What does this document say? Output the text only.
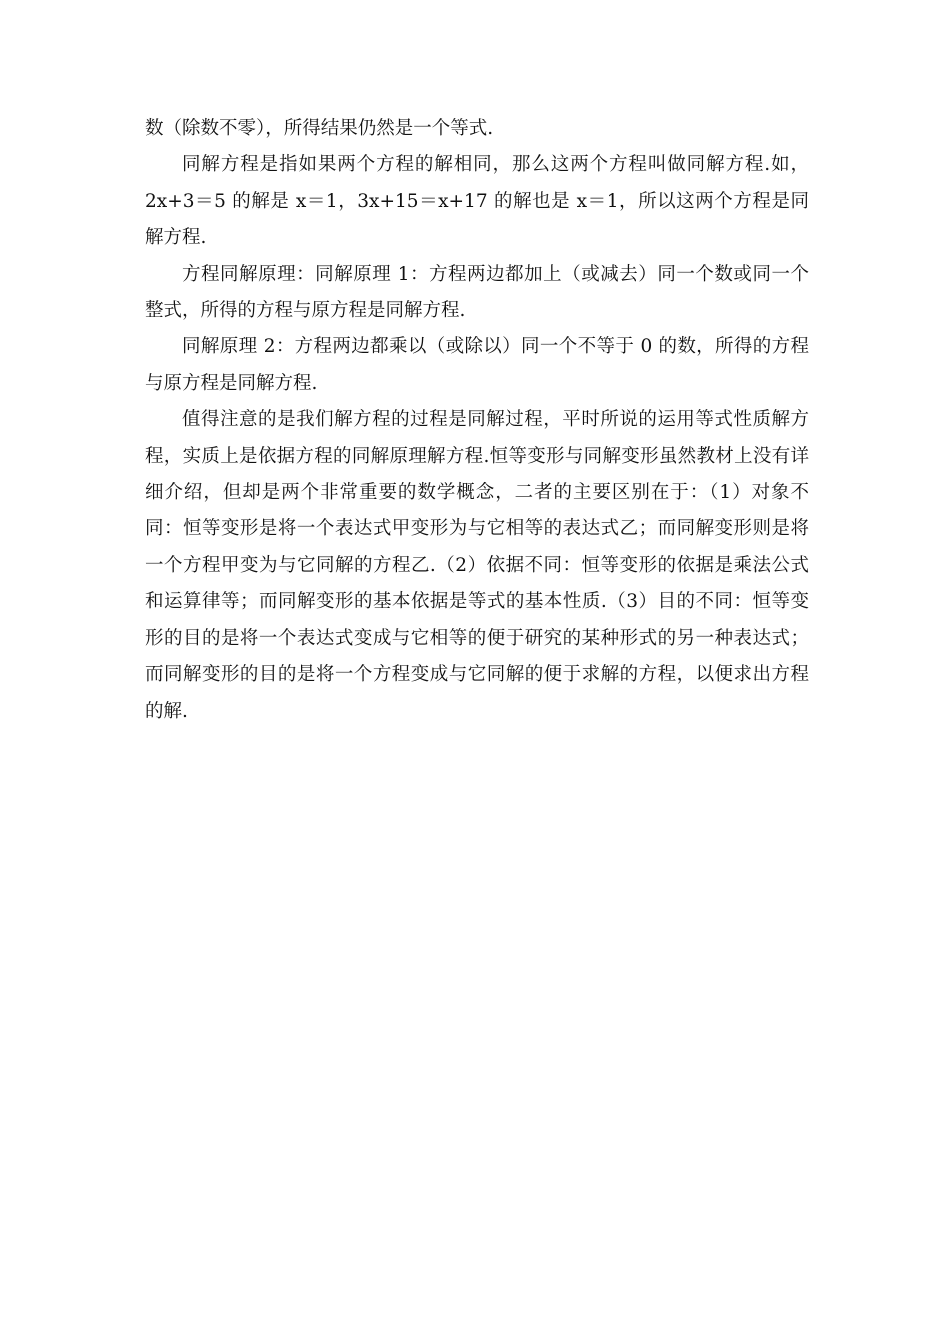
数（除数不零），所得结果仍然是一个等式.

同解方程是指如果两个方程的解相同，那么这两个方程叫做同解方程.如，2x+3＝5 的解是 x＝1，3x+15＝x+17 的解也是 x＝1，所以这两个方程是同解方程.

方程同解原理：同解原理 1：方程两边都加上（或减去）同一个数或同一个整式，所得的方程与原方程是同解方程.

同解原理 2：方程两边都乘以（或除以）同一个不等于 0 的数，所得的方程与原方程是同解方程.

值得注意的是我们解方程的过程是同解过程，平时所说的运用等式性质解方程，实质上是依据方程的同解原理解方程.恒等变形与同解变形虽然教材上没有详细介绍，但却是两个非常重要的数学概念，二者的主要区别在于：（1）对象不同：恒等变形是将一个表达式甲变形为与它相等的表达式乙；而同解变形则是将一个方程甲变为与它同解的方程乙.（2）依据不同：恒等变形的依据是乘法公式和运算律等；而同解变形的基本依据是等式的基本性质.（3）目的不同：恒等变形的目的是将一个表达式变成与它相等的便于研究的某种形式的另一种表达式；而同解变形的目的是将一个方程变成与它同解的便于求解的方程，以便求出方程的解.
